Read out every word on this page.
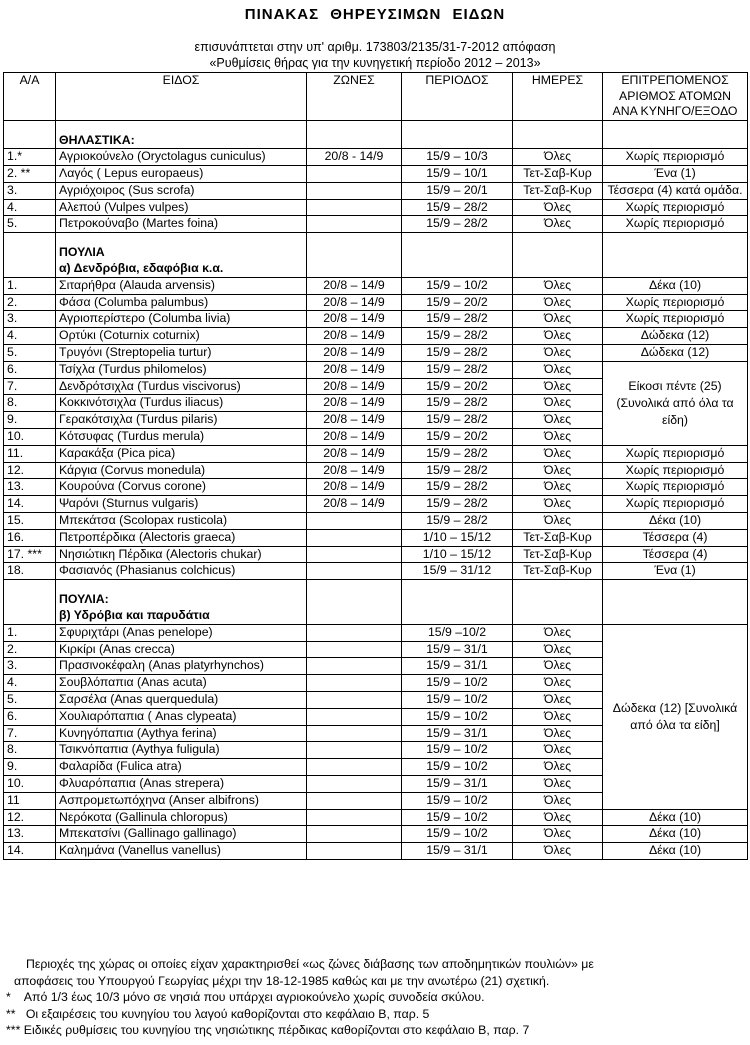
ΠΙΝΑΚΑΣ ΘΗΡΕΥΣΙΜΩΝ ΕΙΔΩΝ
επισυνάπτεται στην υπ' αριθμ. 173803/2135/31-7-2012 απόφαση
«Ρυθμίσεις θήρας για την κυνηγετική περίοδο 2012 – 2013»
Α/Α	ΕΙΔΟΣ	ΖΩΝΕΣ	ΠΕΡΙΟΔΟΣ	ΗΜΕΡΕΣ	ΕΠΙΤΡΕΠΟΜΕΝΟΣ ΑΡΙΘΜΟΣ ΑΤΟΜΩΝ ΑΝΑ ΚΥΝΗΓΟ/ΕΞΟΔΟ

	ΘΗΛΑΣΤΙΚΑ:				

1.*	Αγριοκούνελο (Oryctolagus cuniculus)	20/8 - 14/9	15/9 – 10/3	Όλες	Χωρίς περιορισμό
2. **	Λαγός ( Lepus europaeus)		15/9 – 10/1	Τετ-Σαβ-Κυρ	Ένα (1)
3.	Αγριόχοιρος (Sus scrofa)		15/9 – 20/1	Τετ-Σαβ-Κυρ	Τέσσερα (4) κατά ομάδα.
4.	Αλεπού (Vulpes vulpes)		15/9 – 28/2	Όλες	Χωρίς περιορισμό
5.	Πετροκούναβο (Martes foina)		15/9 – 28/2	Όλες	Χωρίς περιορισμό

	ΠΟΥΛΙΑ
α) Δενδρόβια, εδαφόβια κ.α.				

1.	Σιταρήθρα (Alauda arvensis)	20/8 – 14/9	15/9 – 10/2	Όλες	Δέκα (10)
2.	Φάσα (Columba palumbus)	20/8 – 14/9	15/9 – 20/2	Όλες	Χωρίς περιορισμό
3.	Αγριοπερίστερο (Columba livia)	20/8 – 14/9	15/9 – 28/2	Όλες	Χωρίς περιορισμό
4.	Ορτύκι (Coturnix coturnix)	20/8 – 14/9	15/9 – 28/2	Όλες	Δώδεκα (12)
5.	Τρυγόνι (Streptopelia turtur)	20/8 – 14/9	15/9 – 28/2	Όλες	Δώδεκα (12)
6.	Τσίχλα (Turdus philomelos)	20/8 – 14/9	15/9 – 28/2	Όλες	Είκοσι πέντε (25) (Συνολικά από όλα τα είδη)
7.	Δενδρότσιχλα (Turdus viscivorus)	20/8 – 14/9	15/9 – 20/2	Όλες	
8.	Κοκκινότσιχλα (Turdus iliacus)	20/8 – 14/9	15/9 – 28/2	Όλες	
9.	Γερακότσιχλα (Turdus pilaris)	20/8 – 14/9	15/9 – 28/2	Όλες	
10.	Κότσυφας (Turdus merula)	20/8 – 14/9	15/9 – 20/2	Όλες	
11.	Καρακάξα (Pica pica)	20/8 – 14/9	15/9 – 28/2	Όλες	Χωρίς περιορισμό
12.	Κάργια (Corvus monedula)	20/8 – 14/9	15/9 – 28/2	Όλες	Χωρίς περιορισμό
13.	Κουρούνα (Corvus corone)	20/8 – 14/9	15/9 – 28/2	Όλες	Χωρίς περιορισμό
14.	Ψαρόνι (Sturnus vulgaris)	20/8 – 14/9	15/9 – 28/2	Όλες	Χωρίς περιορισμό
15.	Μπεκάτσα (Scolopax rusticola)		15/9 – 28/2	Όλες	Δέκα (10)
16.	Πετροπέρδικα (Alectoris graeca)		1/10 – 15/12	Τετ-Σαβ-Κυρ	Τέσσερα (4)
17. ***	Νησιώτικη Πέρδικα (Alectoris chukar)		1/10 – 15/12	Τετ-Σαβ-Κυρ	Τέσσερα (4)
18.	Φασιανός (Phasianus colchicus)		15/9 – 31/12	Τετ-Σαβ-Κυρ	Ένα (1)

	ΠΟΥΛΙΑ:
β) Υδρόβια και παρυδάτια				

1.	Σφυριχτάρι (Anas penelope)		15/9 –10/2	Όλες	Δώδεκα (12) [Συνολικά από όλα τα είδη]
2.	Κιρκίρι (Anas crecca)		15/9 – 31/1	Όλες	
3.	Πρασινοκέφαλη (Anas platyrhynchos)		15/9 – 31/1	Όλες	
4.	Σουβλόπαπια (Anas acuta)		15/9 – 10/2	Όλες	
5.	Σαρσέλα (Anas querquedula)		15/9 – 10/2	Όλες	
6.	Χουλιαρόπαπια ( Anas clypeata)		15/9 – 10/2	Όλες	
7.	Κυνηγόπαπια (Aythya ferina)		15/9 – 31/1	Όλες	
8.	Τσικνόπαπια (Aythya fuligula)		15/9 – 10/2	Όλες	
9.	Φαλαρίδα (Fulica atra)		15/9 – 10/2	Όλες	
10.	Φλυαρόπαπια (Anas strepera)		15/9 – 31/1	Όλες	
11	Ασπρομετωπόχηνα (Anser albifrons)		15/9 – 10/2	Όλες	
12.	Νερόκοτα (Gallinula chloropus)		15/9 – 10/2	Όλες	Δέκα (10)
13.	Μπεκατσίνι (Gallinago gallinago)		15/9 – 10/2	Όλες	Δέκα (10)
14.	Καλημάνα (Vanellus vanellus)		15/9 – 31/1	Όλες	Δέκα (10)
Περιοχές της χώρας οι οποίες είχαν χαρακτηρισθεί «ως ζώνες διάβασης των αποδημητικών πουλιών» με
αποφάσεις του Υπουργού Γεωργίας μέχρι την 18-12-1985 καθώς και με την ανωτέρω (21) σχετική.
*    Από 1/3 έως 10/3 μόνο σε νησιά που υπάρχει αγριοκούνελο χωρίς συνοδεία σκύλου.
**   Οι εξαιρέσεις του κυνηγίου του λαγού καθορίζονται στο κεφάλαιο Β, παρ. 5
*** Ειδικές ρυθμίσεις του κυνηγίου της νησιώτικης πέρδικας καθορίζονται στο κεφάλαιο Β, παρ. 7
